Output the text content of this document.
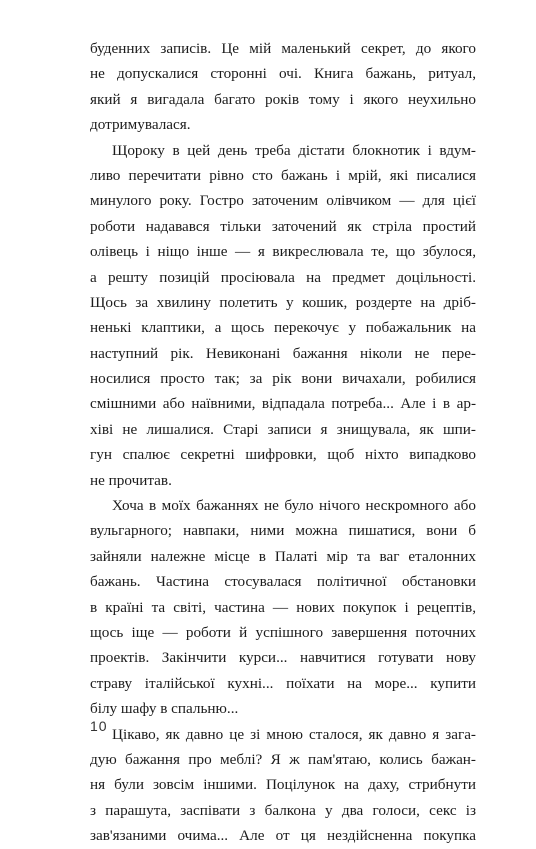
буденних записів. Це мій маленький секрет, до якого
не допускалися сторонні очі. Книга бажань, ритуал,
який я вигадала багато років тому і якого неухильно
дотримувалася.
Щороку в цей день треба дістати блокнотик і вдум-
ливо перечитати рівно сто бажань і мрій, які писалися
минулого року. Гостро заточеним олівчиком — для цієї
роботи надавався тільки заточений як стріла простий
олівець і ніщо інше — я викреслювала те, що збулося,
а решту позицій просіювала на предмет доцільності.
Щось за хвилину полетить у кошик, роздерте на дріб-
ненькі клаптики, а щось перекочує у побажальник на
наступний рік. Невиконані бажання ніколи не пере-
носилися просто так; за рік вони вичахали, робилися
смішними або наївними, відпадала потреба... Але і в ар-
хіві не лишалися. Старі записи я знищувала, як шпи-
гун спалює секретні шифровки, щоб ніхто випадково
не прочитав.
Хоча в моїх бажаннях не було нічого нескромного або
вульгарного; навпаки, ними можна пишатися, вони б
зайняли належне місце в Палаті мір та ваг еталонних
бажань. Частина стосувалася політичної обстановки
в країні та світі, частина — нових покупок і рецептів,
щось іще — роботи й успішного завершення поточних
проектів. Закінчити курси... навчитися готувати нову
страву італійської кухні... поїхати на море... купити
білу шафу в спальню...
Цікаво, як давно це зі мною сталося, як давно я зага-
дую бажання про меблі? Я ж пам'ятаю, колись бажан-
ня були зовсім іншими. Поцілунок на даху, стрибнути
з парашута, заспівати з балкона у два голоси, секс із
зав'язаними очима... Але от ця нездійсненна покупка
10
